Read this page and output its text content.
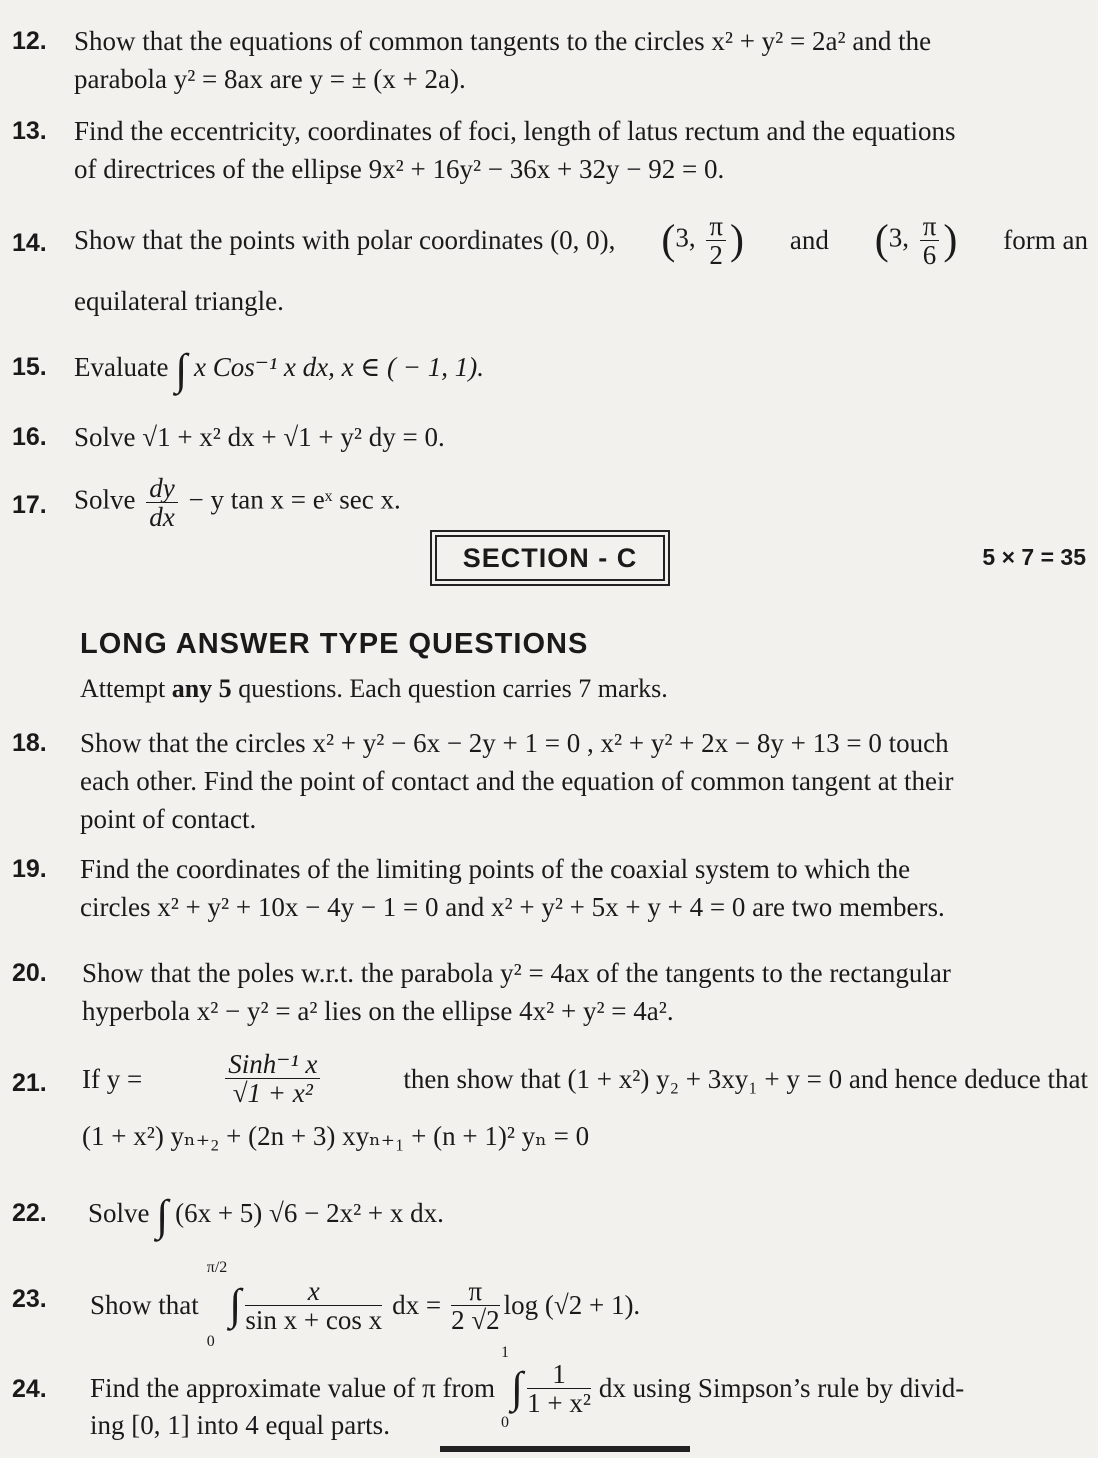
12.	Show that the equations of common tangents to the circles x² + y² = 2a² and the
parabola y² = 8ax are y = ± (x + 2a).
13.	Find the eccentricity, coordinates of foci, length of latus rectum and the equations
of directrices of the ellipse 9x² + 16y² − 36x + 32y − 92 = 0.
14.	Show that the points with polar coordinates (0, 0), (3, $\frac{\pi}{2}$ ) and (3, $\frac{\pi}{6}$ ) form an
equilateral triangle.
15.	Evaluate ∫ x Cos⁻¹ x dx, x ∈ ( − 1, 1).
16.	Solve √1 + x² dx + √1 + y² dy = 0.
17.	Solve $\frac{dy}{dx} - y$ tan x = eˣ sec x.
SECTION - C	5 × 7 = 35
LONG ANSWER TYPE QUESTIONS
Attempt any 5 questions. Each question carries 7 marks.
18.	Show that the circles x² + y² − 6x − 2y + 1 = 0 , x² + y² + 2x − 8y + 13 = 0 touch
each other. Find the point of contact and the equation of common tangent at their
point of contact.
19.	Find the coordinates of the limiting points of the coaxial system to which the
circles x² + y² + 10x − 4y − 1 = 0 and x² + y² + 5x + y + 4 = 0 are two members.
20.	Show that the poles w.r.t. the parabola y² = 4ax of the tangents to the rectangular
hyperbola x² − y² = a² lies on the ellipse 4x² + y² = 4a².
21.	If y =	$\frac{\text{Sinh⁻¹ x}}{\text{√1 + x²}}$	then show that (1 + x²) y₂ + 3xy₁ + y = 0 and hence deduce that
(1 + x²) yₙ₊₂ + (2n + 3) xyₙ₊₁ + (n + 1)² yₙ = 0
22.	Solve ∫ (6x + 5) √6 − 2x² + x dx.
23.	Show that
π/2
0
∫ $\frac{x}{\text{sin x + cos x}}$ dx = $\frac{\pi}{2 √2}$ log (√2 + 1).
24.	Find the approximate value of π from
1
0
∫ $\frac{1}{\text{1 + x²}}$ dx using Simpson’s rule by divid-
ing [0, 1] into 4 equal parts.
